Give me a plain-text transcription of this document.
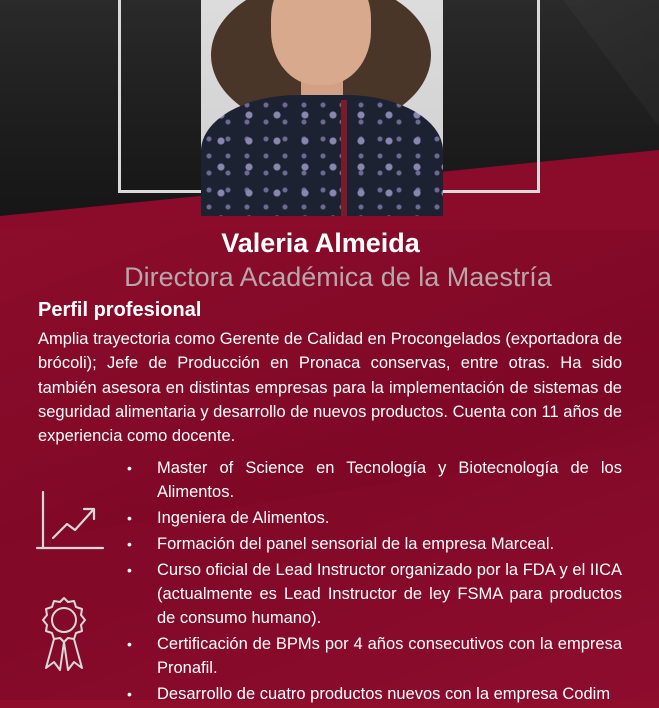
Valeria Almeida
Directora Académica de la Maestría
Perfil profesional
Amplia trayectoria como Gerente de Calidad en Procongelados (exportadora de brócoli); Jefe de Producción en Pronaca conservas, entre otras. Ha sido también asesora en distintas empresas para la implementación de sistemas de seguridad alimentaria y desarrollo de nuevos productos. Cuenta con 11 años de experiencia como docente.
• Master of Science en Tecnología y Biotecnología de los Alimentos.
• Ingeniera de Alimentos.
• Formación del panel sensorial de la empresa Marceal.
• Curso oficial de Lead Instructor organizado por la FDA y el IICA (actualmente es Lead Instructor de ley FSMA para productos de consumo humano).
• Certificación de BPMs por 4 años consecutivos con la empresa Pronafil.
• Desarrollo de cuatro productos nuevos con la empresa Codim
